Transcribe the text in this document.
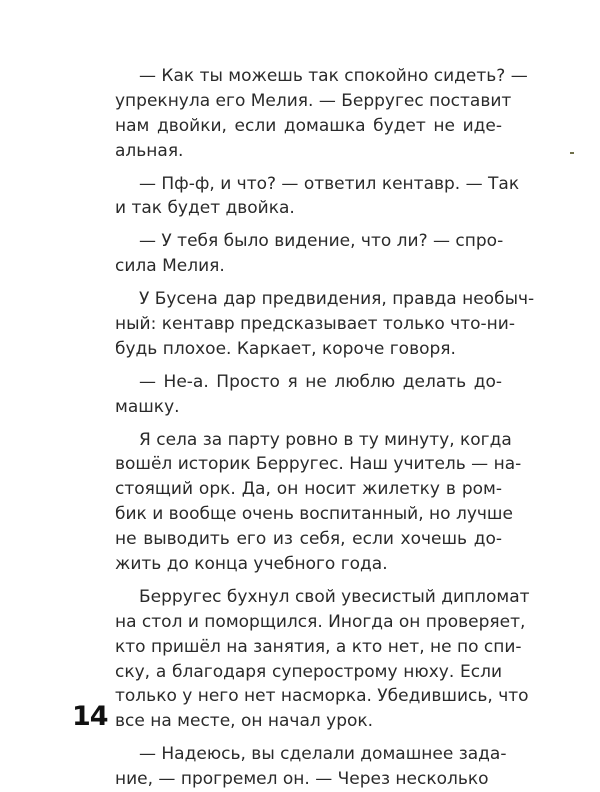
— Как ты можешь так спокойно сидеть? —
упрекнула его Мелия. — Берругес поставит
нам двойки, если домашка будет не иде-
альная.
— Пф-ф, и что? — ответил кентавр. — Так
и так будет двойка.
— У тебя было видение, что ли? — спро-
сила Мелия.
У Бусена дар предвидения, правда необыч-
ный: кентавр предсказывает только что-ни-
будь плохое. Каркает, короче говоря.
— Не-а. Просто я не люблю делать до-
машку.
Я села за парту ровно в ту минуту, когда
вошёл историк Берругес. Наш учитель — на-
стоящий орк. Да, он носит жилетку в ром-
бик и вообще очень воспитанный, но лучше
не выводить его из себя, если хочешь до-
жить до конца учебного года.
Берругес бухнул свой увесистый дипломат
на стол и поморщился. Иногда он проверяет,
кто пришёл на занятия, а кто нет, не по спи-
ску, а благодаря суперострому нюху. Если
только у него нет насморка. Убедившись, что
все на месте, он начал урок.
— Надеюсь, вы сделали домашнее зада-
ние, — прогремел он. — Через несколько
14
